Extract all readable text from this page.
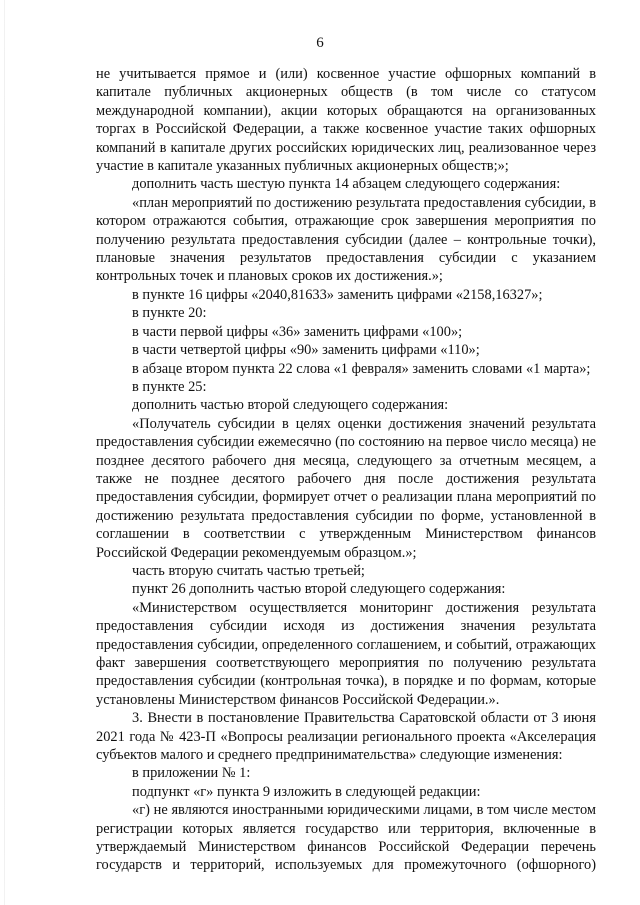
6

не учитывается прямое и (или) косвенное участие офшорных компаний в капитале публичных акционерных обществ (в том числе со статусом международной компании), акции которых обращаются на организованных торгах в Российской Федерации, а также косвенное участие таких офшорных компаний в капитале других российских юридических лиц, реализованное через участие в капитале указанных публичных акционерных обществ;»;

дополнить часть шестую пункта 14 абзацем следующего содержания:

«план мероприятий по достижению результата предоставления субсидии, в котором отражаются события, отражающие срок завершения мероприятия по получению результата предоставления субсидии (далее – контрольные точки), плановые значения результатов предоставления субсидии с указанием контрольных точек и плановых сроков их достижения.»;

в пункте 16 цифры «2040,81633» заменить цифрами «2158,16327»;

в пункте 20:

в части первой цифры «36» заменить цифрами «100»;

в части четвертой цифры «90» заменить цифрами «110»;

в абзаце втором пункта 22 слова «1 февраля» заменить словами «1 марта»;

в пункте 25:

дополнить частью второй следующего содержания:

«Получатель субсидии в целях оценки достижения значений результата предоставления субсидии ежемесячно (по состоянию на первое число месяца) не позднее десятого рабочего дня месяца, следующего за отчетным месяцем, а также не позднее десятого рабочего дня после достижения результата предоставления субсидии, формирует отчет о реализации плана мероприятий по достижению результата предоставления субсидии по форме, установленной в соглашении в соответствии с утвержденным Министерством финансов Российской Федерации рекомендуемым образцом.»;

часть вторую считать частью третьей;

пункт 26 дополнить частью второй следующего содержания:

«Министерством осуществляется мониторинг достижения результата предоставления субсидии исходя из достижения значения результата предоставления субсидии, определенного соглашением, и событий, отражающих факт завершения соответствующего мероприятия по получению результата предоставления субсидии (контрольная точка), в порядке и по формам, которые установлены Министерством финансов Российской Федерации.».

3. Внести в постановление Правительства Саратовской области от 3 июня 2021 года № 423-П «Вопросы реализации регионального проекта «Акселерация субъектов малого и среднего предпринимательства» следующие изменения:

в приложении № 1:

подпункт «г» пункта 9 изложить в следующей редакции:

«г) не являются иностранными юридическими лицами, в том числе местом регистрации которых является государство или территория, включенные в утверждаемый Министерством финансов Российской Федерации перечень государств и территорий, используемых для промежуточного (офшорного)
